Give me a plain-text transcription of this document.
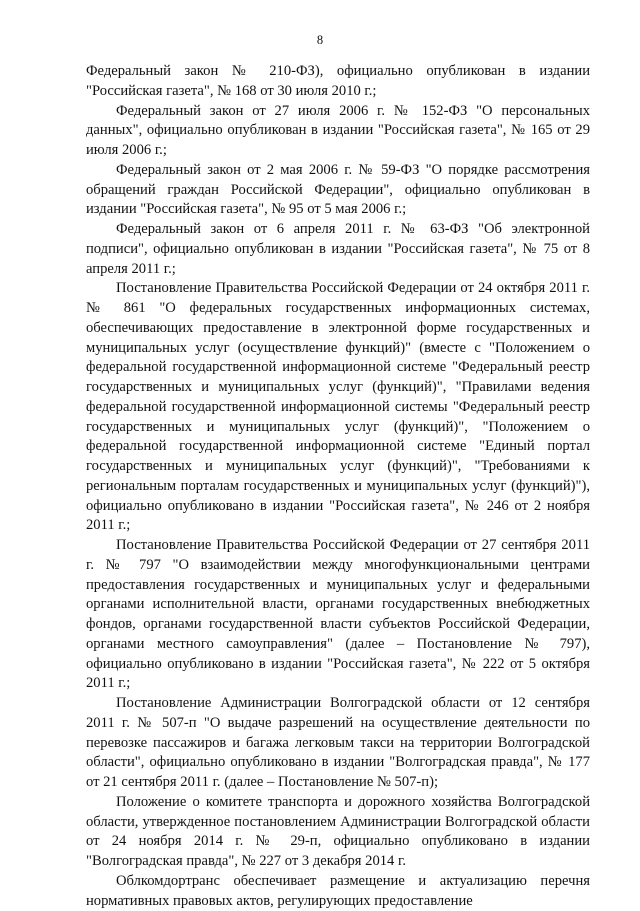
8

Федеральный закон № 210-ФЗ), официально опубликован в издании "Российская газета", № 168 от 30 июля 2010 г.;

Федеральный закон от 27 июля 2006 г. № 152-ФЗ "О персональных данных", официально опубликован в издании "Российская газета", № 165 от 29 июля 2006 г.;

Федеральный закон от 2 мая 2006 г. № 59-ФЗ "О порядке рассмотрения обращений граждан Российской Федерации", официально опубликован в издании "Российская газета", № 95 от 5 мая 2006 г.;

Федеральный закон от 6 апреля 2011 г. № 63-ФЗ "Об электронной подписи", официально опубликован в издании "Российская газета", № 75 от 8 апреля 2011 г.;

Постановление Правительства Российской Федерации от 24 октября 2011 г. № 861 "О федеральных государственных информационных системах, обеспечивающих предоставление в электронной форме государственных и муниципальных услуг (осуществление функций)" (вместе с "Положением о федеральной государственной информационной системе "Федеральный реестр государственных и муниципальных услуг (функций)", "Правилами ведения федеральной государственной информационной системы "Федеральный реестр государственных и муниципальных услуг (функций)", "Положением о федеральной государственной информационной системе "Единый портал государственных и муниципальных услуг (функций)", "Требованиями к региональным порталам государственных и муниципальных услуг (функций)"), официально опубликовано в издании "Российская газета", № 246 от 2 ноября 2011 г.;

Постановление Правительства Российской Федерации от 27 сентября 2011 г. № 797 "О взаимодействии между многофункциональными центрами предоставления государственных и муниципальных услуг и федеральными органами исполнительной власти, органами государственных внебюджетных фондов, органами государственной власти субъектов Российской Федерации, органами местного самоуправления" (далее – Постановление № 797), официально опубликовано в издании "Российская газета", № 222 от 5 октября 2011 г.;

Постановление Администрации Волгоградской области от 12 сентября 2011 г. № 507-п "О выдаче разрешений на осуществление деятельности по перевозке пассажиров и багажа легковым такси на территории Волгоградской области", официально опубликовано в издании "Волгоградская правда", № 177 от 21 сентября 2011 г. (далее – Постановление № 507-п);

Положение о комитете транспорта и дорожного хозяйства Волгоградской области, утвержденное постановлением Администрации Волгоградской области от 24 ноября 2014 г. № 29-п, официально опубликовано в издании "Волгоградская правда", № 227 от 3 декабря 2014 г.

Облкомдортранс обеспечивает размещение и актуализацию перечня нормативных правовых актов, регулирующих предоставление
